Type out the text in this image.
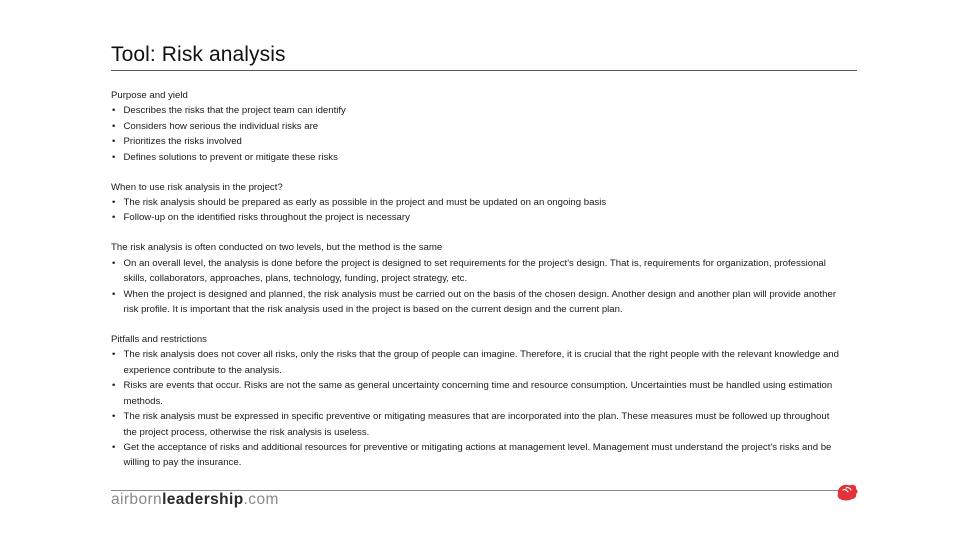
Tool: Risk analysis
Purpose and yield
• Describes the risks that the project team can identify
• Considers how serious the individual risks are
• Prioritizes the risks involved
• Defines solutions to prevent or mitigate these risks
When to use risk analysis in the project?
• The risk analysis should be prepared as early as possible in the project and must be updated on an ongoing basis
• Follow-up on the identified risks throughout the project is necessary
The risk analysis is often conducted on two levels, but the method is the same
• On an overall level, the analysis is done before the project is designed to set requirements for the project's design. That is, requirements for organization, professional skills, collaborators, approaches, plans, technology, funding, project strategy, etc.
• When the project is designed and planned, the risk analysis must be carried out on the basis of the chosen design. Another design and another plan will provide another risk profile. It is important that the risk analysis used in the project is based on the current design and the current plan.
Pitfalls and restrictions
• The risk analysis does not cover all risks, only the risks that the group of people can imagine. Therefore, it is crucial that the right people with the relevant knowledge and experience contribute to the analysis.
• Risks are events that occur. Risks are not the same as general uncertainty concerning time and resource consumption. Uncertainties must be handled using estimation methods.
• The risk analysis must be expressed in specific preventive or mitigating measures that are incorporated into the plan. These measures must be followed up throughout the project process, otherwise the risk analysis is useless.
• Get the acceptance of risks and additional resources for preventive or mitigating actions at management level. Management must understand the project's risks and be willing to pay the insurance.
airbornleadership.com
